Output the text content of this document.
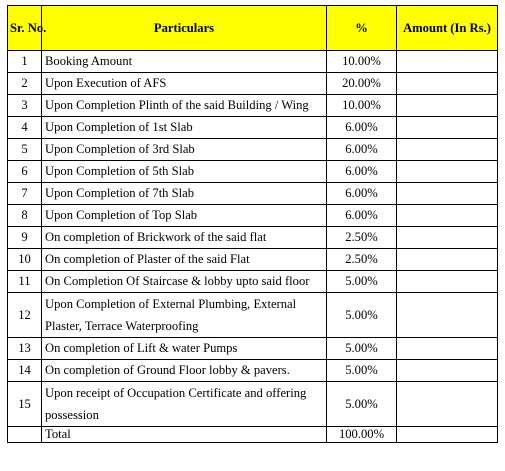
Sr. No.	Particulars	%	Amount (In Rs.)
1	Booking Amount	10.00%	
2	Upon Execution of AFS	20.00%	
3	Upon Completion Plinth of the said Building / Wing	10.00%	
4	Upon Completion of 1st Slab	6.00%	
5	Upon Completion of 3rd Slab	6.00%	
6	Upon Completion of 5th Slab	6.00%	
7	Upon Completion of 7th Slab	6.00%	
8	Upon Completion of Top Slab	6.00%	
9	On completion of Brickwork of the said flat	2.50%	
10	On completion of Plaster of the said Flat	2.50%	
11	On Completion Of Staircase & lobby upto said floor	5.00%	
12	Upon Completion of External Plumbing, External Plaster, Terrace Waterproofing	5.00%	
13	On completion of Lift & water Pumps	5.00%	
14	On completion of Ground Floor lobby & pavers.	5.00%	
15	Upon receipt of Occupation Certificate and offering possession	5.00%	
	Total	100.00%	
